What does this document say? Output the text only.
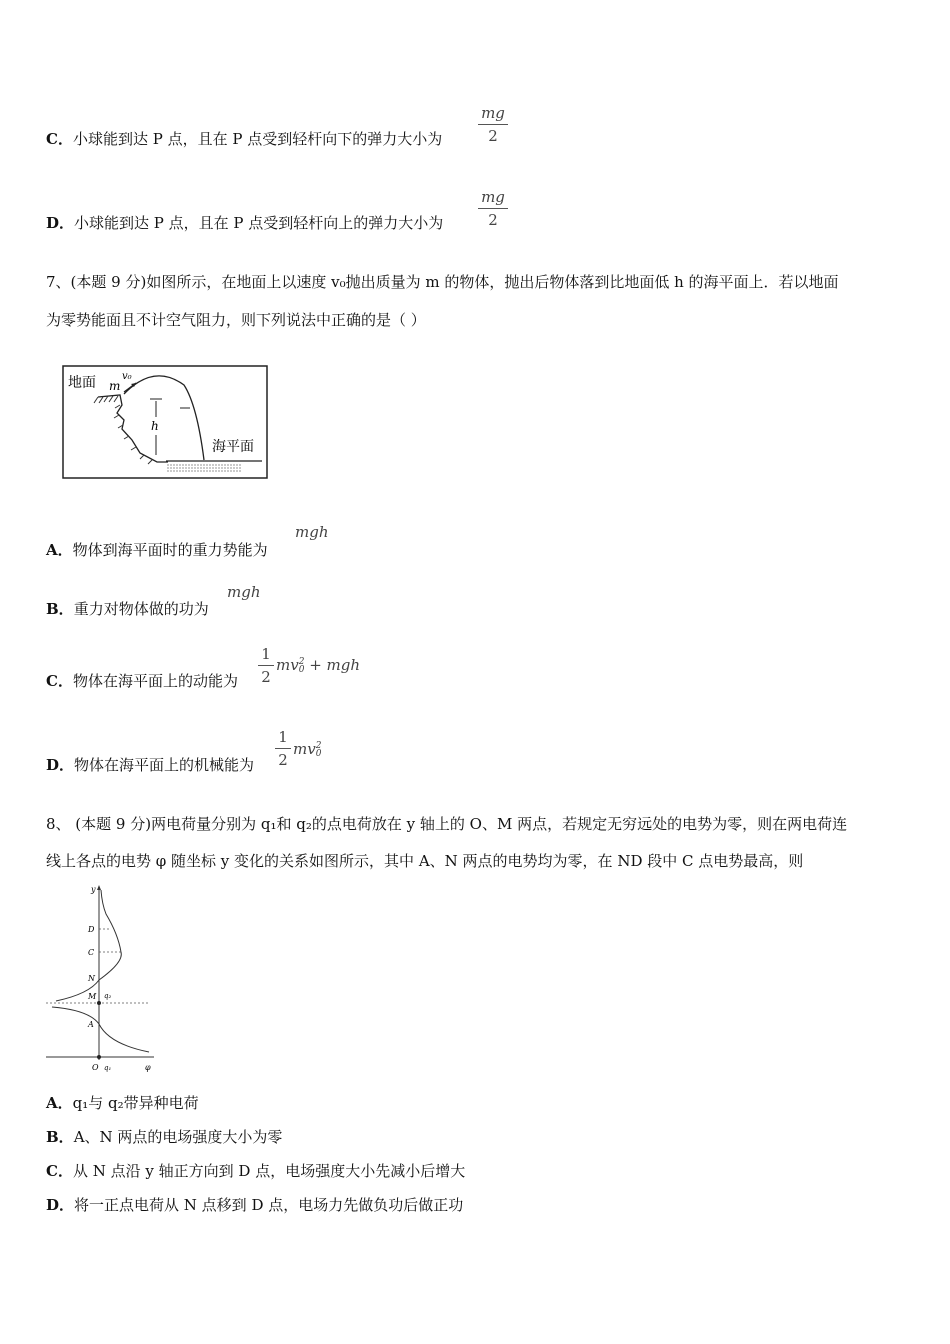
C．小球能到达 P 点，且在 P 点受到轻杆向下的弹力大小为
mg
2
D．小球能到达 P 点，且在 P 点受到轻杆向上的弹力大小为
mg
2
7、(本题 9 分)如图所示，在地面上以速度 v₀抛出质量为 m 的物体，抛出后物体落到比地面低 h 的海平面上．若以地面
为零势能面且不计空气阻力，则下列说法中正确的是（ ）
地面 m
v₀
h
海平面
A．物体到海平面时的重力势能为
mgh
B．重力对物体做的功为
mgh
C．物体在海平面上的动能为
1
2
mv 2
0 + mgh
D．物体在海平面上的机械能为
1
2
mv 2
0
8、 (本题 9 分)两电荷量分别为 q₁和 q₂的点电荷放在 y 轴上的 O、M 两点，若规定无穷远处的电势为零，则在两电荷连
线上各点的电势 φ 随坐标 y 变化的关系如图所示，其中 A、N 两点的电势均为零，在 ND 段中 C 点电势最高，则
y
φ
O q₁
q₂
D
C
N
M
A
A．q₁与 q₂带异种电荷
B．A、N 两点的电场强度大小为零
C．从 N 点沿 y 轴正方向到 D 点，电场强度大小先减小后增大
D．将一正点电荷从 N 点移到 D 点，电场力先做负功后做正功
